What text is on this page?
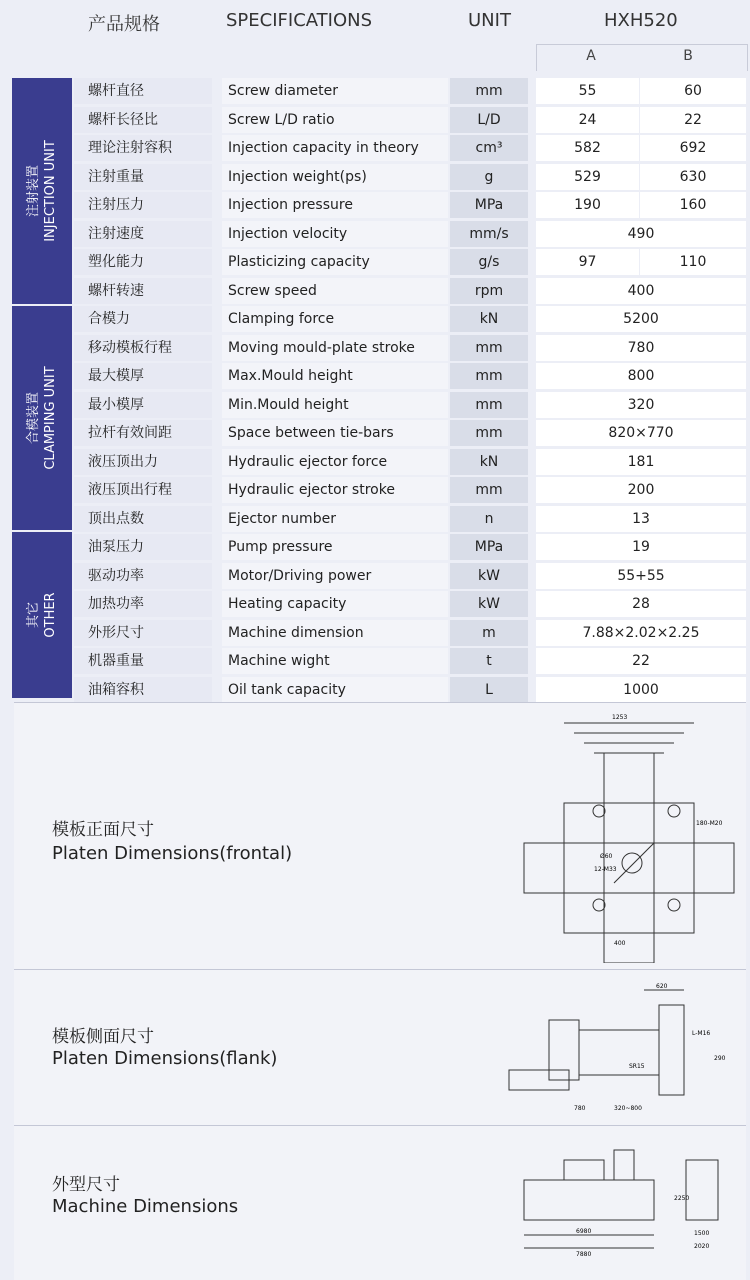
产品规格	SPECIFICATIONS	UNIT	HXH520
A	B
注射装置 INJECTION UNIT
合模装置 CLAMPING UNIT
其它 OTHER
螺杆直径	Screw diameter	mm	55	60
螺杆长径比	Screw L/D ratio	L/D	24	22
理论注射容积	Injection capacity in theory	cm³	582	692
注射重量	Injection weight(ps)	g	529	630
注射压力	Injection pressure	MPa	190	160
注射速度	Injection velocity	mm/s	490
塑化能力	Plasticizing capacity	g/s	97	110
螺杆转速	Screw speed	rpm	400
合模力	Clamping force	kN	5200
移动模板行程	Moving mould-plate stroke	mm	780
最大模厚	Max.Mould height	mm	800
最小模厚	Min.Mould height	mm	320
拉杆有效间距	Space between tie-bars	mm	820×770
液压顶出力	Hydraulic ejector force	kN	181
液压顶出行程	Hydraulic ejector stroke	mm	200
顶出点数	Ejector number	n	13
油泵压力	Pump pressure	MPa	19
驱动功率	Motor/Driving power	kW	55+55
加热功率	Heating capacity	kW	28
外形尺寸	Machine dimension	m	7.88×2.02×2.25
机器重量	Machine wight	t	22
油箱容积	Oil tank capacity	L	1000
模板正面尺寸
Platen Dimensions(frontal)
1253
180-M20
Ø60
12-M33
400
模板侧面尺寸
Platen Dimensions(flank)
620
L-M16
SR15
290
780	320~800
外型尺寸
Machine Dimensions
6980
7880
2250
1500
2020
